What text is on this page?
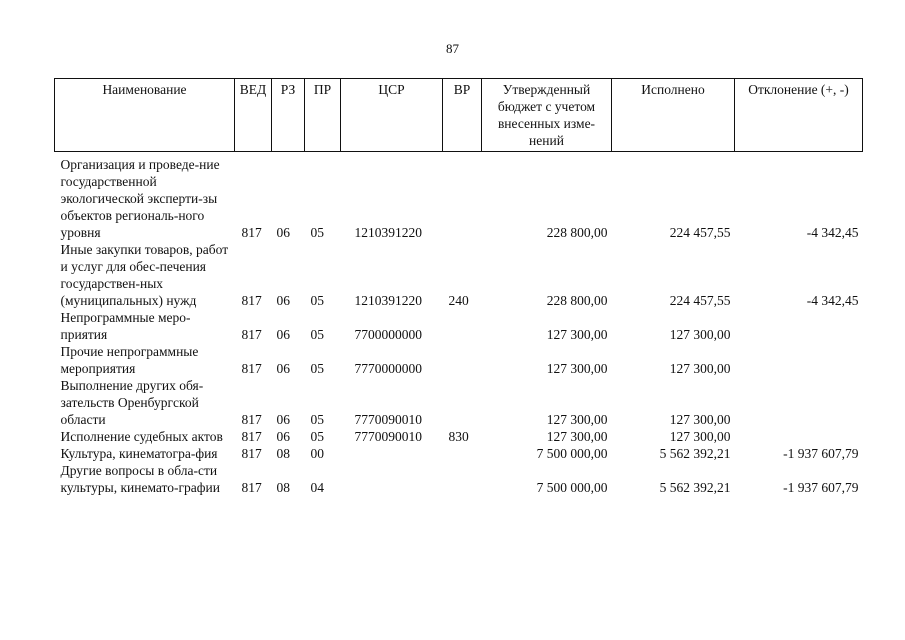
87
Наименование	ВЕД	РЗ	ПР	ЦСР	ВР	Утвержденный бюджет с учетом внесенных изме-нений	Исполнено	Отклонение (+, -)

Организация и проведе-ние государственной экологической эксперти-зы объектов региональ-ного уровня	817	06	05	1210391220		228 800,00	224 457,55	-4 342,45
Иные закупки товаров, работ и услуг для обес-печения государствен-ных (муниципальных) нужд	817	06	05	1210391220	240	228 800,00	224 457,55	-4 342,45
Непрограммные меро-приятия	817	06	05	7700000000		127 300,00	127 300,00	
Прочие непрограммные мероприятия	817	06	05	7770000000		127 300,00	127 300,00	
Выполнение других обя-зательств Оренбургской области	817	06	05	7770090010		127 300,00	127 300,00	
Исполнение судебных актов	817	06	05	7770090010	830	127 300,00	127 300,00	
Культура, кинематогра-фия	817	08	00			7 500 000,00	5 562 392,21	-1 937 607,79
Другие вопросы в обла-сти культуры, кинемато-графии	817	08	04			7 500 000,00	5 562 392,21	-1 937 607,79
